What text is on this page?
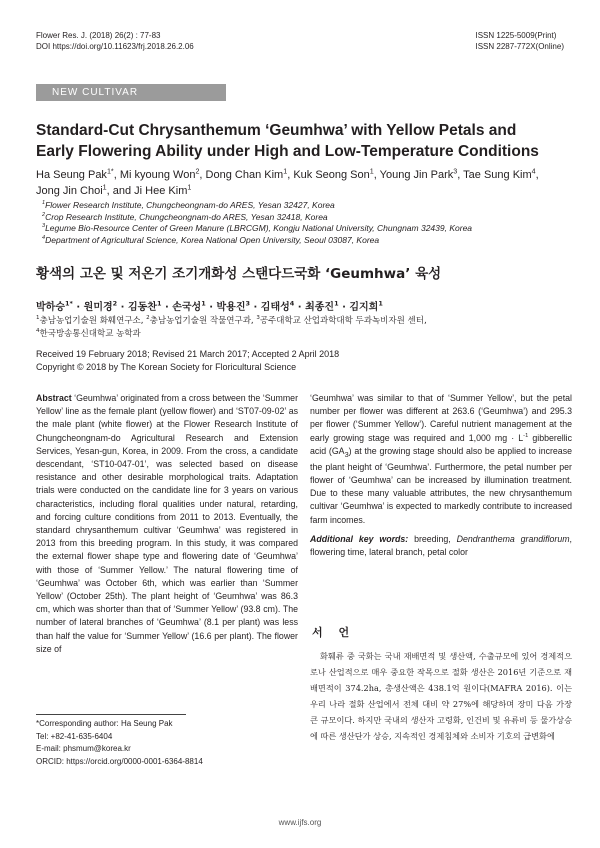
Flower Res. J. (2018) 26(2) : 77-83
DOI https://doi.org/10.11623/frj.2018.26.2.06
ISSN 1225-5009(Print)
ISSN 2287-772X(Online)
NEW CULTIVAR INTRODUCTION
Standard-Cut Chrysanthemum ‘Geumhwa’ with Yellow Petals and
Early Flowering Ability under High and Low-Temperature Conditions
Ha Seung Pak$^{1*}$, Mi kyoung Won$^2$, Dong Chan Kim$^1$, Kuk Seong Son$^1$, Young Jin Park$^3$, Tae Sung Kim$^4$,
Jong Jin Choi$^1$, and Ji Hee Kim$^1$
$^1$Flower Research Institute, Chungcheongnam-do ARES, Yesan 32427, Korea
$^2$Crop Research Institute, Chungcheongnam-do ARES, Yesan 32418, Korea
$^3$Legume Bio-Resource Center of Green Manure (LBRCGM), Kongju National University, Chungnam 32439, Korea
$^4$Department of Agricultural Science, Korea National Open University, Seoul 03087, Korea
황색의 고온 및 저온기 조기개화성 스탠다드국화 ‘Geumhwa’ 육성
박하승$^{1*}$ · 원미경$^2$ · 김동찬$^1$ · 손국성$^1$ · 박용진$^3$ · 김태성$^4$ · 최종진$^1$ · 김지희$^1$
$^1$충남농업기술원 화훼연구소, $^2$충남농업기술원 작물연구과, $^3$공주대학교 산업과학대학 두과녹비자원 센터,
$^4$한국방송통신대학교 농학과
Received 19 February 2018; Revised 21 March 2017; Accepted 2 April 2018
Copyright © 2018 by The Korean Society for Floricultural Science

Abstract ‘Geumhwa’ originated from a cross between the ‘Summer Yellow’ line as the female plant (yellow flower) and ‘ST07-09-02’ as the male plant (white flower) at the Flower Research Institute of Chungcheongnam-do Agricultural Research and Extension Services, Yesan-gun, Korea, in 2009. From the cross, a candidate descendant, ‘ST10-047-01’, was selected based on disease resistance and other desirable morphological traits. Adaptation trials were conducted on the candidate line for 3 years on various characteristics, including floral qualities under natural, retarding, and forcing culture conditions from 2011 to 2013. Eventually, the standard chrysanthemum cultivar ‘Geumhwa’ was registered in 2013 from this breeding program. In this study, it was compared the external flower shape type and flowering date of ‘Geumhwa’ with those of ‘Summer Yellow.’ The natural flowering time of ‘Geumhwa’ was October 6th, which was earlier than ‘Summer Yellow’ (October 25th). The plant height of ‘Geumhwa’ was 86.3 cm, which was shorter than that of ‘Summer Yellow’ (93.8 cm). The number of lateral branches of ‘Geumhwa’ (8.1 per plant) was less than half the value for ‘Summer Yellow’ (16.6 per plant). The flower size of

‘Geumhwa’ was similar to that of ‘Summer Yellow’, but the petal number per flower was different at 263.6 (‘Geumhwa’) and 295.3 per flower (‘Summer Yellow’). Careful nutrient management at the early growing stage was required and 1,000 mg · $L^{-1}$ gibberellic acid $(GA_3)$ at the growing stage should also be applied to increase the plant height of ‘Geumhwa’. Furthermore, the petal number per flower of ‘Geumhwa’ can be increased by illumination treatment. Due to these many valuable attributes, the new chrysanthemum cultivar ‘Geumhwa’ is expected to markedly contribute to increased farm incomes.

Additional key words: breeding, Dendranthema grandiflorum, flowering time, lateral branch, petal color

서 언

화훼류 중 국화는 국내 재배면적 및 생산액, 수출규모에 있어 경제적으로나 산업적으로 매우 중요한 작목으로 절화 생산은 2016년 기준으로 재배면적이 374.2ha, 총생산액은 438.1억 원이다(MAFRA 2016). 이는 우리 나라 절화 산업에서 전체 대비 약 27%에 해당하며 장미 다음 가장 큰 규모이다. 하지만 국내의 생산자 고령화, 인건비 및 유류비 등 물가상승에 따른 생산단가 상승, 지속적인 경제침체와 소비자 기호의 급변화에

*Corresponding author: Ha Seung Pak
Tel: +82-41-635-6404
E-mail: phsmum@korea.kr
ORCID: https://orcid.org/0000-0001-6364-8814
www.ijfs.org
